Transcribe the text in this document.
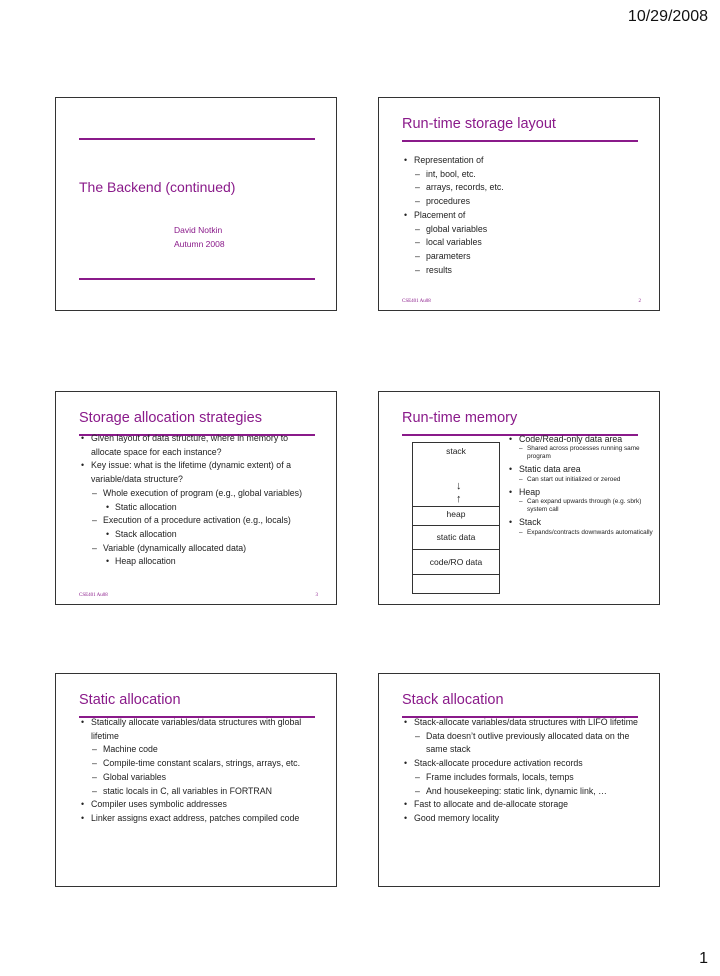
10/29/2008
The Backend (continued)
David Notkin
Autumn 2008
Run-time storage layout
• Representation of
– int, bool, etc.
– arrays, records, etc.
– procedures
• Placement of
– global variables
– local variables
– parameters
– results
CSE401 Au08	2
Storage allocation strategies
• Given layout of data structure, where in memory to allocate space for each instance?
• Key issue: what is the lifetime (dynamic extent) of a variable/data structure?
– Whole execution of program (e.g., global variables)
• Static allocation
– Execution of a procedure activation (e.g., locals)
• Stack allocation
– Variable (dynamically allocated data)
• Heap allocation
CSE401 Au08	3
Run-time memory
stack
↓
↑
heap
static data
code/RO data
• Code/Read-only data area
– Shared across processes running same program
• Static data area
– Can start out initialized or zeroed
• Heap
– Can expand upwards through (e.g. sbrk) system call
• Stack
– Expands/contracts downwards automatically
Static allocation
• Statically allocate variables/data structures with global lifetime
– Machine code
– Compile-time constant scalars, strings, arrays, etc.
– Global variables
– static locals in C, all variables in FORTRAN
• Compiler uses symbolic addresses
• Linker assigns exact address, patches compiled code
Stack allocation
• Stack-allocate variables/data structures with LIFO lifetime
– Data doesn’t outlive previously allocated data on the same stack
• Stack-allocate procedure activation records
– Frame includes formals, locals, temps
– And housekeeping: static link, dynamic link, …
• Fast to allocate and de-allocate storage
• Good memory locality
1
